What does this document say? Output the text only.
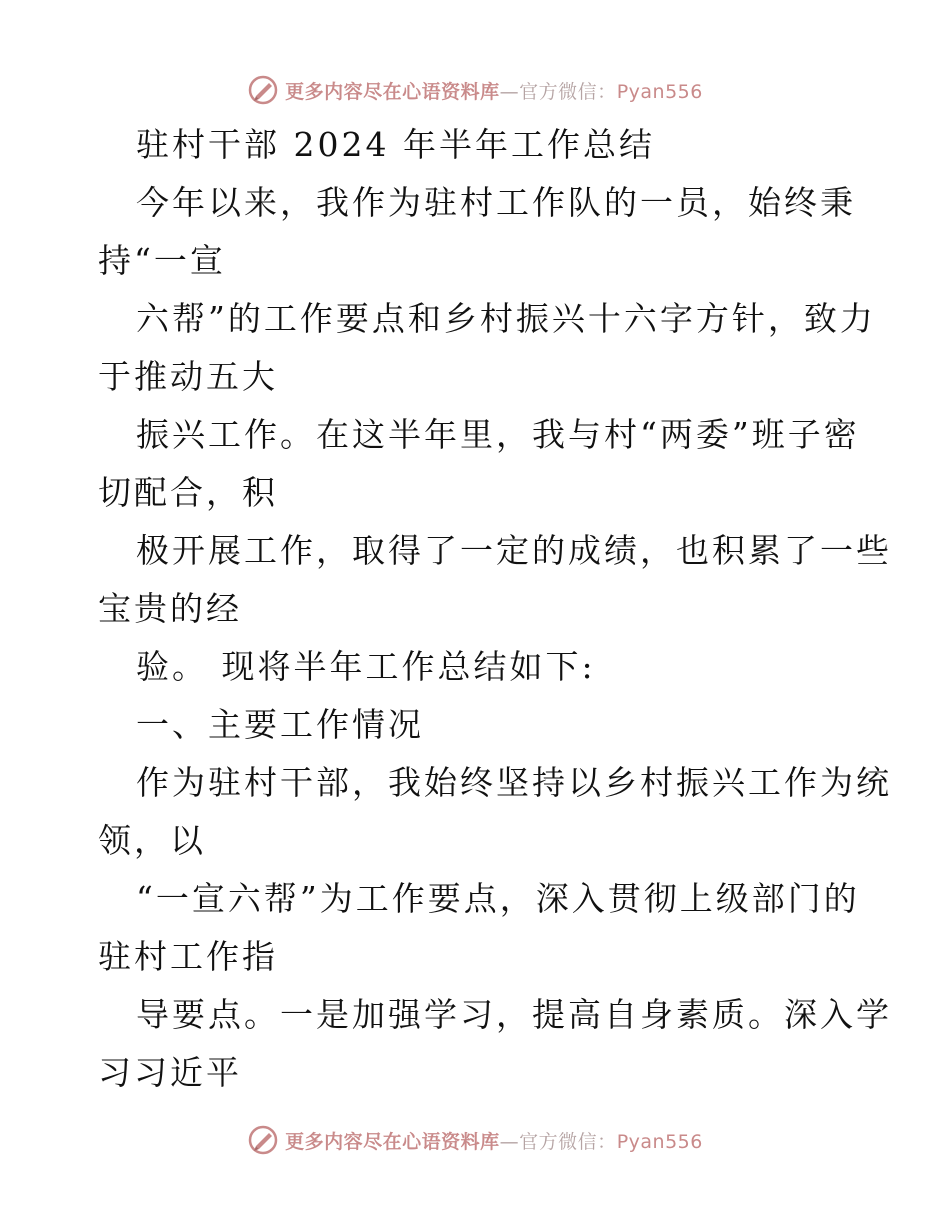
更多内容尽在心语资料库—官方微信：Pyan556

驻村干部 2024 年半年工作总结

今年以来，我作为驻村工作队的一员，始终秉

持“一宣

六帮”的工作要点和乡村振兴十六字方针，致力

于推动五大

振兴工作。在这半年里，我与村“两委”班子密

切配合，积

极开展工作，取得了一定的成绩，也积累了一些

宝贵的经

验。 现将半年工作总结如下:

一、主要工作情况

作为驻村干部，我始终坚持以乡村振兴工作为统

领，以

“一宣六帮”为工作要点，深入贯彻上级部门的

驻村工作指

导要点。一是加强学习，提高自身素质。深入学

习习近平

更多内容尽在心语资料库—官方微信：Pyan556
